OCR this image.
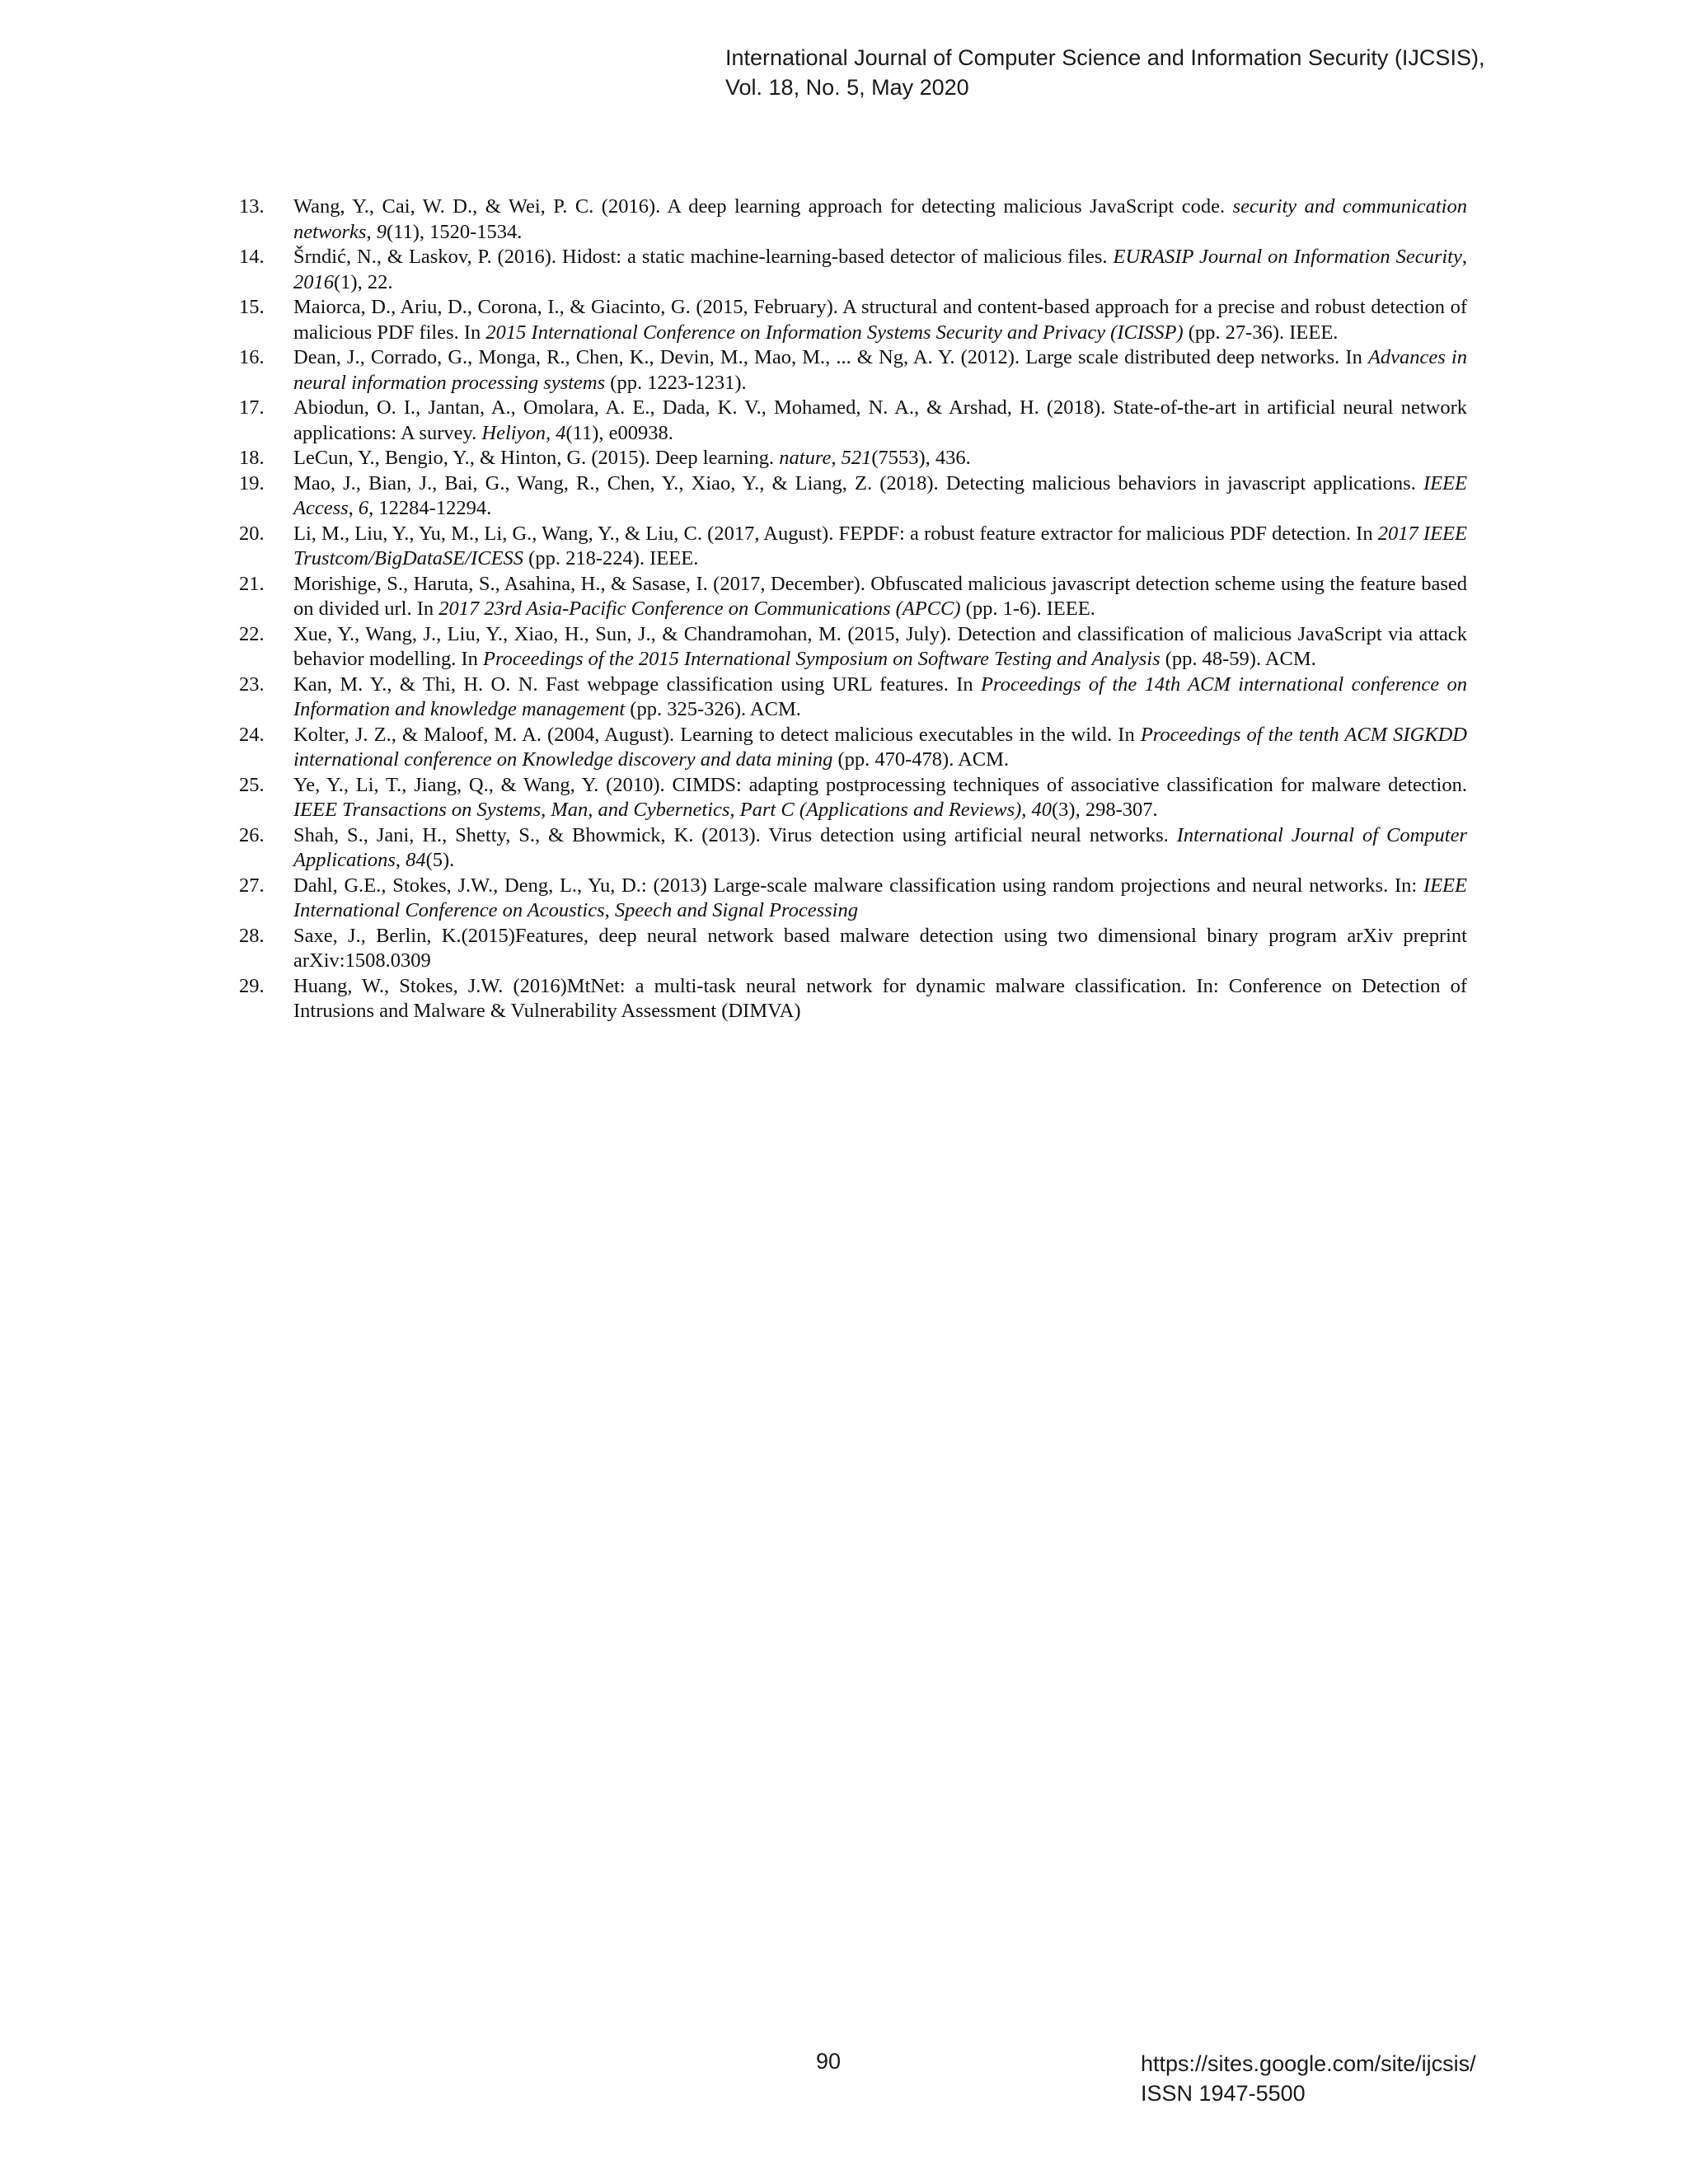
International Journal of Computer Science and Information Security (IJCSIS),
Vol. 18, No. 5, May 2020
13.	Wang, Y., Cai, W. D., & Wei, P. C. (2016). A deep learning approach for detecting malicious JavaScript code. security and communication networks, 9(11), 1520-1534.
14.	Šrndić, N., & Laskov, P. (2016). Hidost: a static machine-learning-based detector of malicious files. EURASIP Journal on Information Security, 2016(1), 22.
15.	Maiorca, D., Ariu, D., Corona, I., & Giacinto, G. (2015, February). A structural and content-based approach for a precise and robust detection of malicious PDF files. In 2015 International Conference on Information Systems Security and Privacy (ICISSP) (pp. 27-36). IEEE.
16.	Dean, J., Corrado, G., Monga, R., Chen, K., Devin, M., Mao, M., ... & Ng, A. Y. (2012). Large scale distributed deep networks. In Advances in neural information processing systems (pp. 1223-1231).
17.	Abiodun, O. I., Jantan, A., Omolara, A. E., Dada, K. V., Mohamed, N. A., & Arshad, H. (2018). State-of-the-art in artificial neural network applications: A survey. Heliyon, 4(11), e00938.
18.	LeCun, Y., Bengio, Y., & Hinton, G. (2015). Deep learning. nature, 521(7553), 436.
19.	Mao, J., Bian, J., Bai, G., Wang, R., Chen, Y., Xiao, Y., & Liang, Z. (2018). Detecting malicious behaviors in javascript applications. IEEE Access, 6, 12284-12294.
20.	Li, M., Liu, Y., Yu, M., Li, G., Wang, Y., & Liu, C. (2017, August). FEPDF: a robust feature extractor for malicious PDF detection. In 2017 IEEE Trustcom/BigDataSE/ICESS (pp. 218-224). IEEE.
21.	Morishige, S., Haruta, S., Asahina, H., & Sasase, I. (2017, December). Obfuscated malicious javascript detection scheme using the feature based on divided url. In 2017 23rd Asia-Pacific Conference on Communications (APCC) (pp. 1-6). IEEE.
22.	Xue, Y., Wang, J., Liu, Y., Xiao, H., Sun, J., & Chandramohan, M. (2015, July). Detection and classification of malicious JavaScript via attack behavior modelling. In Proceedings of the 2015 International Symposium on Software Testing and Analysis (pp. 48-59). ACM.
23.	Kan, M. Y., & Thi, H. O. N. Fast webpage classification using URL features. In Proceedings of the 14th ACM international conference on Information and knowledge management (pp. 325-326). ACM.
24.	Kolter, J. Z., & Maloof, M. A. (2004, August). Learning to detect malicious executables in the wild. In Proceedings of the tenth ACM SIGKDD international conference on Knowledge discovery and data mining (pp. 470-478). ACM.
25.	Ye, Y., Li, T., Jiang, Q., & Wang, Y. (2010). CIMDS: adapting postprocessing techniques of associative classification for malware detection. IEEE Transactions on Systems, Man, and Cybernetics, Part C (Applications and Reviews), 40(3), 298-307.
26.	Shah, S., Jani, H., Shetty, S., & Bhowmick, K. (2013). Virus detection using artificial neural networks. International Journal of Computer Applications, 84(5).
27.	Dahl, G.E., Stokes, J.W., Deng, L., Yu, D.: (2013) Large-scale malware classification using random projections and neural networks. In: IEEE International Conference on Acoustics, Speech and Signal Processing
28.	Saxe, J., Berlin, K.(2015)Features, deep neural network based malware detection using two dimensional binary program arXiv preprint arXiv:1508.0309
29.	Huang, W., Stokes, J.W. (2016)MtNet: a multi-task neural network for dynamic malware classification. In: Conference on Detection of Intrusions and Malware & Vulnerability Assessment (DIMVA)
90	https://sites.google.com/site/ijcsis/
ISSN 1947-5500
